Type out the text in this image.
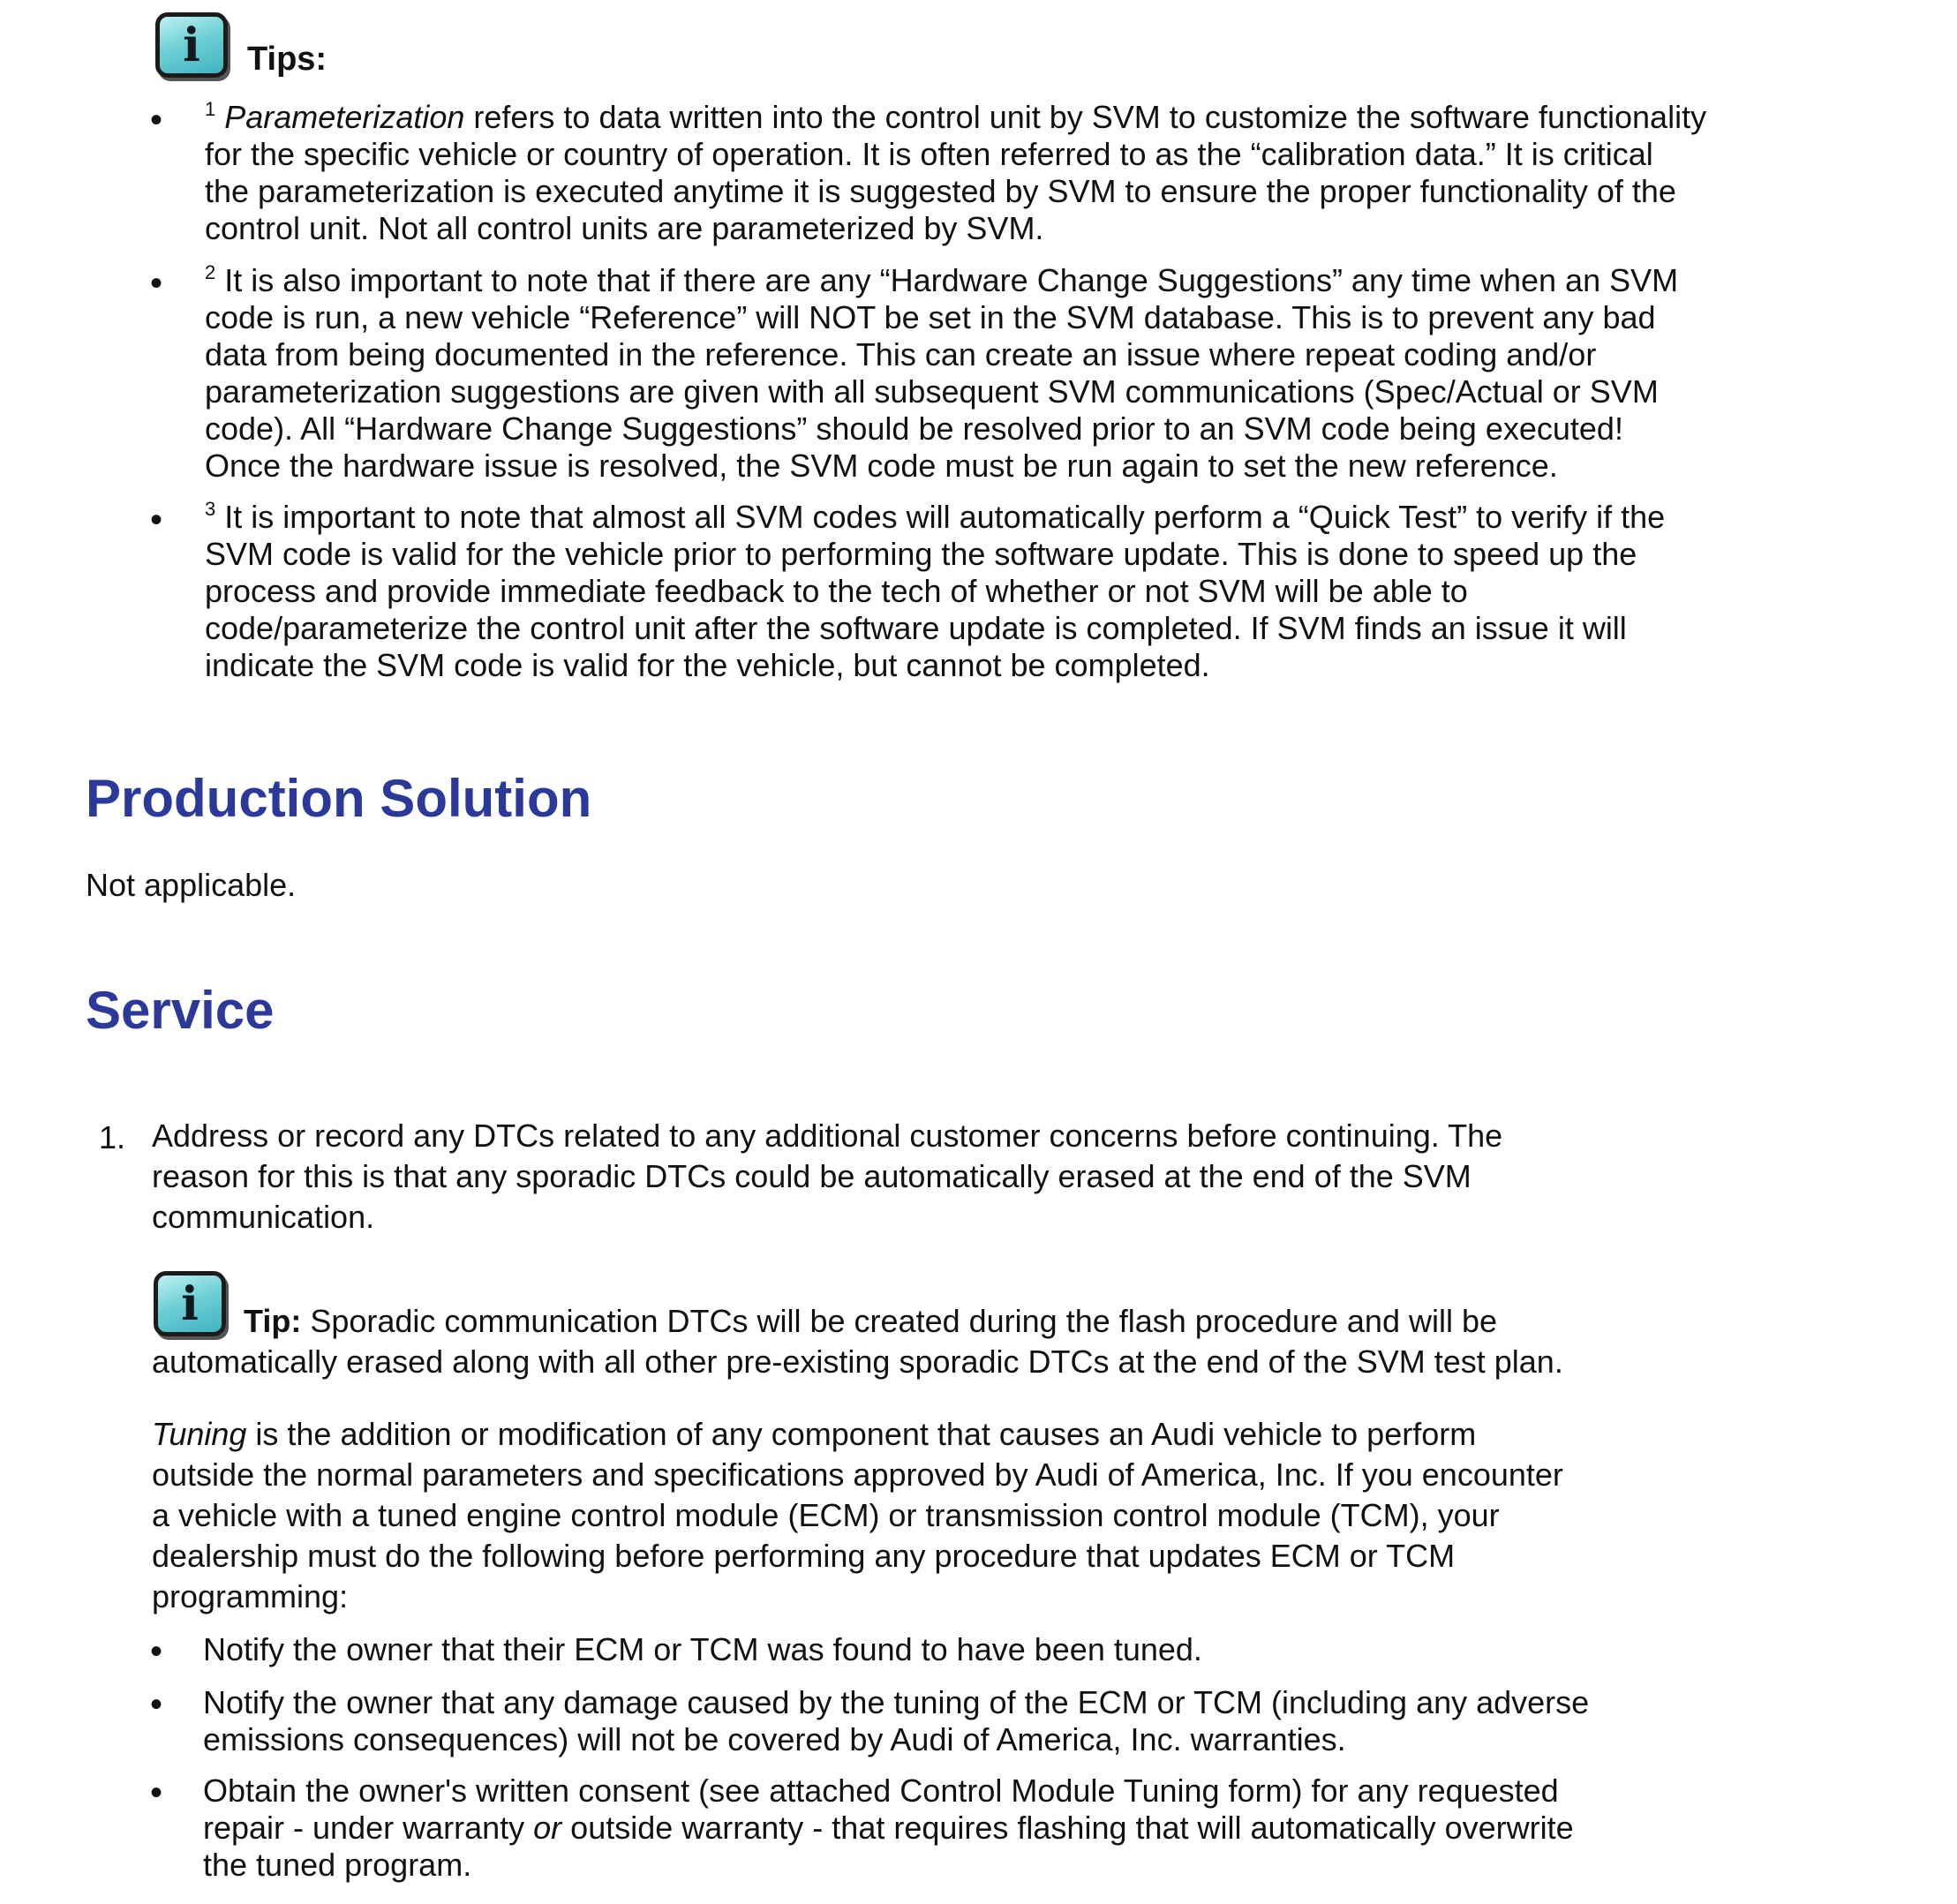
i	Tips:
• $^1$ Parameterization refers to data written into the control unit by SVM to customize the software functionality
for the specific vehicle or country of operation. It is often referred to as the “calibration data.” It is critical
the parameterization is executed anytime it is suggested by SVM to ensure the proper functionality of the
control unit. Not all control units are parameterized by SVM.
• $^2$ It is also important to note that if there are any “Hardware Change Suggestions” any time when an SVM
code is run, a new vehicle “Reference” will NOT be set in the SVM database. This is to prevent any bad
data from being documented in the reference. This can create an issue where repeat coding and/or
parameterization suggestions are given with all subsequent SVM communications (Spec/Actual or SVM
code). All “Hardware Change Suggestions” should be resolved prior to an SVM code being executed!
Once the hardware issue is resolved, the SVM code must be run again to set the new reference.
• $^3$ It is important to note that almost all SVM codes will automatically perform a “Quick Test” to verify if the
SVM code is valid for the vehicle prior to performing the software update. This is done to speed up the
process and provide immediate feedback to the tech of whether or not SVM will be able to
code/parameterize the control unit after the software update is completed. If SVM finds an issue it will
indicate the SVM code is valid for the vehicle, but cannot be completed.
Production Solution
Not applicable.
Service
1. Address or record any DTCs related to any additional customer concerns before continuing. The
reason for this is that any sporadic DTCs could be automatically erased at the end of the SVM
communication.
i	Tip: Sporadic communication DTCs will be created during the flash procedure and will be
automatically erased along with all other pre-existing sporadic DTCs at the end of the SVM test plan.
Tuning is the addition or modification of any component that causes an Audi vehicle to perform
outside the normal parameters and specifications approved by Audi of America, Inc. If you encounter
a vehicle with a tuned engine control module (ECM) or transmission control module (TCM), your
dealership must do the following before performing any procedure that updates ECM or TCM
programming:
• Notify the owner that their ECM or TCM was found to have been tuned.
• Notify the owner that any damage caused by the tuning of the ECM or TCM (including any adverse
emissions consequences) will not be covered by Audi of America, Inc. warranties.
• Obtain the owner's written consent (see attached Control Module Tuning form) for any requested
repair - under warranty or outside warranty - that requires flashing that will automatically overwrite
the tuned program.
